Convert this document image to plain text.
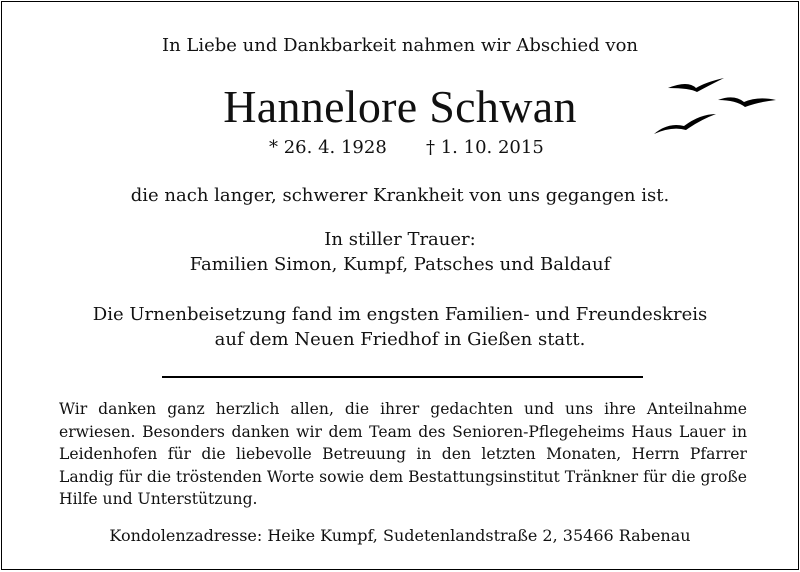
In Liebe und Dankbarkeit nahmen wir Abschied von
Hannelore Schwan
* 26. 4. 1928 † 1. 10. 2015
die nach langer, schwerer Krankheit von uns gegangen ist.
In stiller Trauer:
Familien Simon, Kumpf, Patsches und Baldauf
Die Urnenbeisetzung fand im engsten Familien- und Freundeskreis
auf dem Neuen Friedhof in Gießen statt.
Wir danken ganz herzlich allen, die ihrer gedachten und uns ihre Anteilnahme erwiesen. Besonders danken wir dem Team des Senioren-Pflegeheims Haus Lauer in Leidenhofen für die liebevolle Betreuung in den letzten Monaten, Herrn Pfarrer Landig für die tröstenden Worte sowie dem Bestattungsinstitut Tränkner für die große Hilfe und Unterstützung.
Kondolenzadresse: Heike Kumpf, Sudetenlandstraße 2, 35466 Rabenau
